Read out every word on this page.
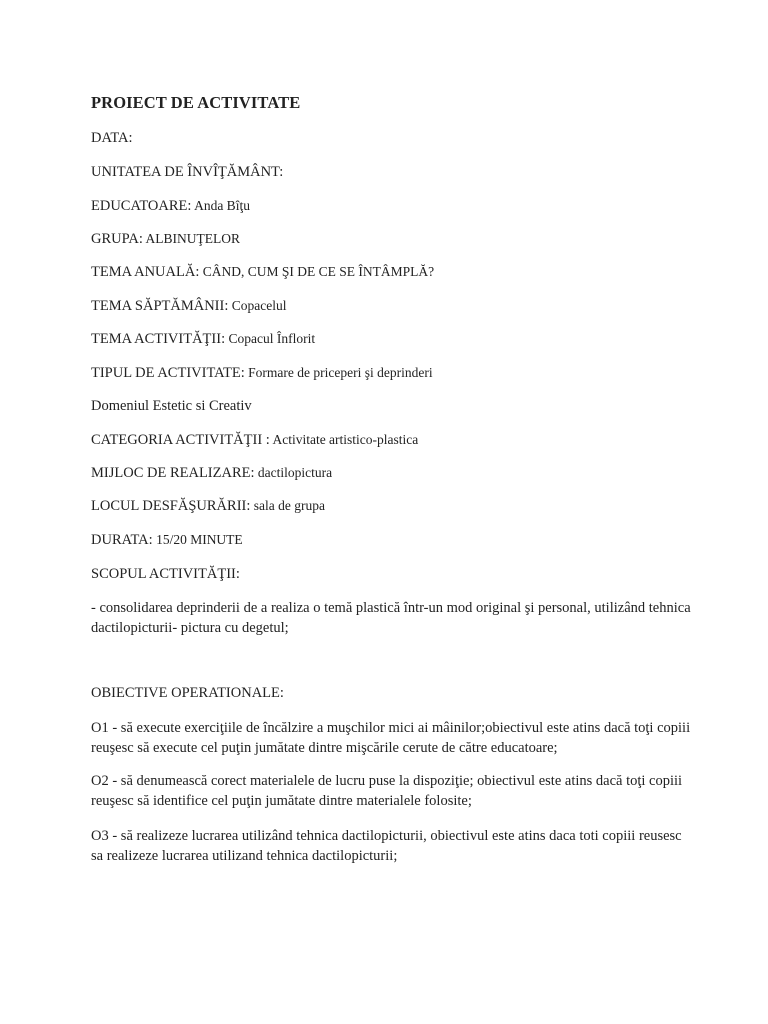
PROIECT DE ACTIVITATE

DATA:

UNITATEA DE ÎNVÎŢĂMÂNT:

EDUCATOARE: Anda Bîţu

GRUPA: ALBINUŢELOR

TEMA ANUALĂ: CÂND, CUM ŞI DE CE SE ÎNTÂMPLĂ?

TEMA SĂPTĂMÂNII: Copacelul

TEMA ACTIVITĂŢII: Copacul Înflorit

TIPUL DE ACTIVITATE: Formare de priceperi şi deprinderi

Domeniul Estetic si Creativ

CATEGORIA ACTIVITĂŢII : Activitate artistico-plastica

MIJLOC DE REALIZARE: dactilopictura

LOCUL DESFĂŞURĂRII: sala de grupa

DURATA: 15/20 MINUTE

SCOPUL ACTIVITĂŢII:

- consolidarea deprinderii de a realiza o temă plastică într-un mod original şi personal, utilizând tehnica dactilopicturii- pictura cu degetul;

OBIECTIVE OPERATIONALE:

O1 - să execute exerciţiile de încălzire a muşchilor mici ai mâinilor;obiectivul este atins dacă toţi copiii reuşesc să execute cel puţin jumătate dintre mişcările cerute de către educatoare;

O2 - să denumească corect materialele de lucru puse la dispoziţie; obiectivul este atins dacă toţi copiii reuşesc să identifice cel puţin jumătate dintre materialele folosite;

O3 - să realizeze lucrarea utilizând tehnica dactilopicturii, obiectivul este atins daca toti copiii reusesc sa realizeze lucrarea utilizand tehnica dactilopicturii;
